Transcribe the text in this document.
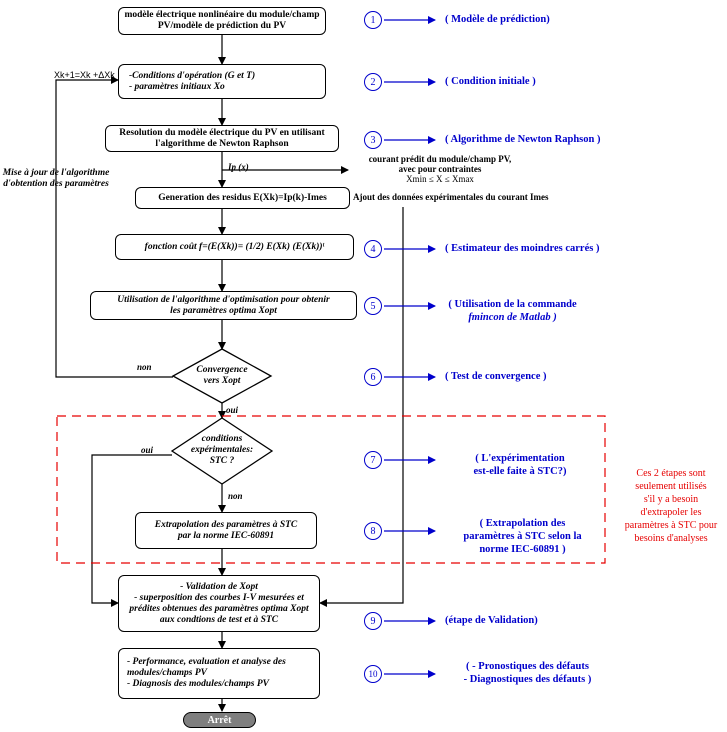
modèle électrique nonlinéaire du module/champ
PV/modèle de prédiction du PV
-Conditions d'opération (G et T)
- paramètres initiaux Xo
Resolution du modèle électrique du PV en utilisant
l'algorithme de Newton Raphson
Generation des residus E(Xk)=Ip(k)-Imes
fonction coût f=(E(Xk))= (1/2) E(Xk) (E(Xk))ᵗ
Utilisation de l'algorithme d'optimisation pour obtenir
les paramètres optima Xopt
Extrapolation des paramètres à STC
par la norme IEC-60891
- Validation de Xopt
- superposition des courbes I-V mesurées et
prédites obtenues des paramètres optima Xopt
aux condtions de test et à STC
- Performance, evaluation et analyse des
modules/champs PV
- Diagnosis des modules/champs PV
Arrêt
Convergence
vers Xopt
conditions
expérimentales:
STC ?
non
oui
oui
non
Xk+1=Xk +ΔXk
Mise à jour de l'algorithme
d'obtention des paramètres
Ip (x)
courant prédit du module/champ PV,
avec pour contraintes
Xmin ≤ X ≤ Xmax
Ajout des données expérimentales du courant Imes
1
2
3
4
5
6
7
8
9
10
( Modèle de prédiction)
( Condition initiale )
( Algorithme de Newton Raphson )
( Estimateur des moindres carrés )
( Utilisation de la commande
fmincon de Matlab )
( Test de convergence )
( L'expérimentation
est-elle faite à STC?)
( Extrapolation des
paramètres à STC selon la
norme IEC-60891 )
(étape de Validation)
( - Pronostiques des défauts
- Diagnostiques des défauts )
Ces 2 étapes sont
seulement utilisés
s'il y a besoin
d'extrapoler les
paramètres à STC pour
besoins d'analyses
